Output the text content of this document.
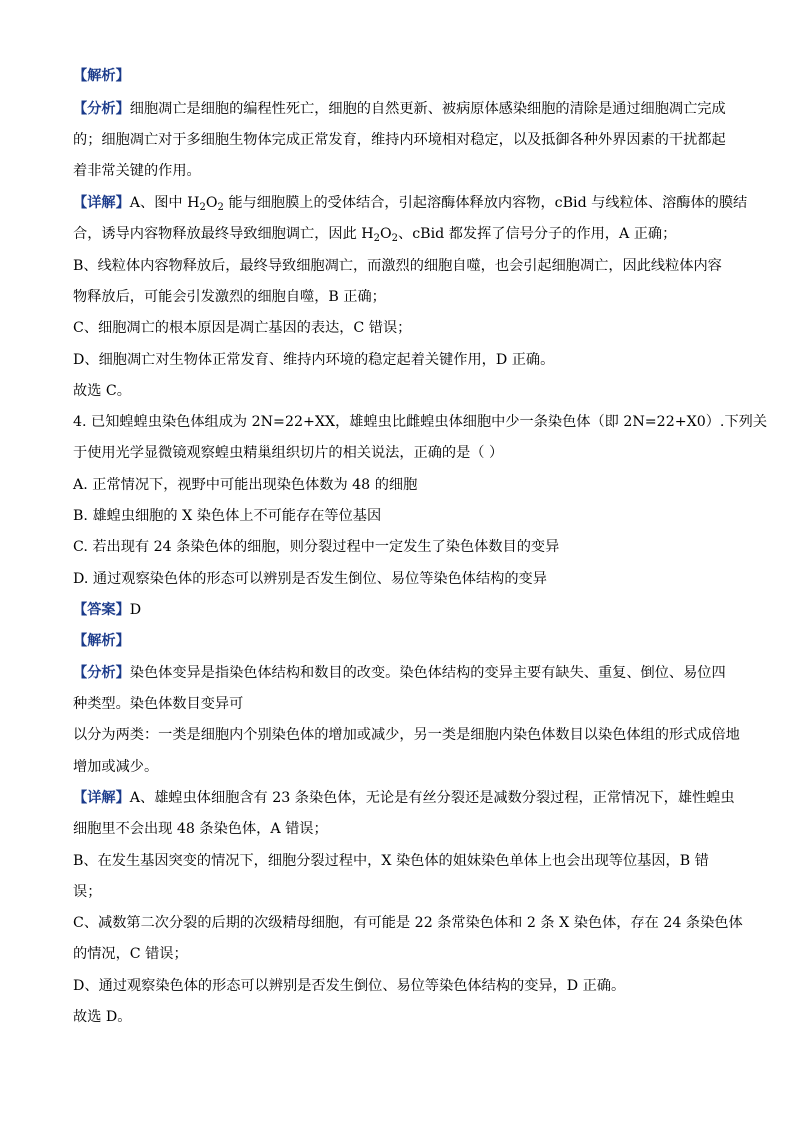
【解析】
【分析】细胞凋亡是细胞的编程性死亡，细胞的自然更新、被病原体感染细胞的清除是通过细胞凋亡完成
的；细胞凋亡对于多细胞生物体完成正常发育，维持内环境相对稳定，以及抵御各种外界因素的干扰都起
着非常关键的作用。
【详解】A、图中 $H_2O_2$ 能与细胞膜上的受体结合，引起溶酶体释放内容物，cBid 与线粒体、溶酶体的膜结
合，诱导内容物释放最终导致细胞调亡，因此 $H_2O_2$、cBid 都发挥了信号分子的作用，A 正确；
B、线粒体内容物释放后，最终导致细胞凋亡，而激烈的细胞自噬，也会引起细胞凋亡，因此线粒体内容
物释放后，可能会引发激烈的细胞自噬，B 正确；
C、细胞凋亡的根本原因是凋亡基因的表达，C 错误；
D、细胞凋亡对生物体正常发育、维持内环境的稳定起着关键作用，D 正确。
故选 C。
4. 已知蝗蝗虫染色体组成为 2N=22+XX，雄蝗虫比雌蝗虫体细胞中少一条染色体（即 2N=22+X0）.下列关
于使用光学显微镜观察蝗虫精巢组织切片的相关说法，正确的是（ ）
A. 正常情况下，视野中可能出现染色体数为 48 的细胞
B. 雄蝗虫细胞的 X 染色体上不可能存在等位基因
C. 若出现有 24 条染色体的细胞，则分裂过程中一定发生了染色体数目的变异
D. 通过观察染色体的形态可以辨别是否发生倒位、易位等染色体结构的变异
【答案】D
【解析】
【分析】染色体变异是指染色体结构和数目的改变。染色体结构的变异主要有缺失、重复、倒位、易位四
种类型。染色体数目变异可
以分为两类：一类是细胞内个别染色体的增加或减少，另一类是细胞内染色体数目以染色体组的形式成倍地
增加或减少。
【详解】A、雄蝗虫体细胞含有 23 条染色体，无论是有丝分裂还是减数分裂过程，正常情况下，雄性蝗虫
细胞里不会出现 48 条染色体，A 错误；
B、在发生基因突变的情况下，细胞分裂过程中，X 染色体的姐妹染色单体上也会出现等位基因，B 错
误；
C、减数第二次分裂的后期的次级精母细胞，有可能是 22 条常染色体和 2 条 X 染色体，存在 24 条染色体
的情况，C 错误；
D、通过观察染色体的形态可以辨别是否发生倒位、易位等染色体结构的变异，D 正确。
故选 D。
